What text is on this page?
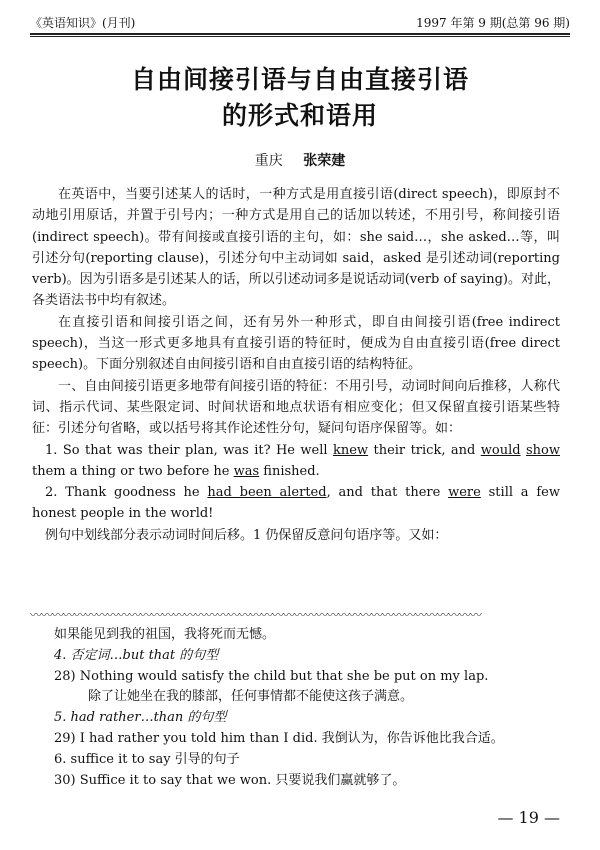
《英语知识》(月刊)	1997 年第 9 期(总第 96 期)
自由间接引语与自由直接引语
的形式和语用
重庆 张荣建

在英语中，当要引述某人的话时，一种方式是用直接引语(direct speech)，即原封不动地引用原话，并置于引号内；一种方式是用自己的话加以转述，不用引号，称间接引语(indirect speech)。带有间接或直接引语的主句，如：she said…，she asked…等，叫引述分句(reporting clause)，引述分句中主动词如 said，asked 是引述动词(reporting verb)。因为引语多是引述某人的话，所以引述动词多是说话动词(verb of saying)。对此，各类语法书中均有叙述。

在直接引语和间接引语之间，还有另外一种形式，即自由间接引语(free indirect speech)，当这一形式更多地具有直接引语的特征时，便成为自由直接引语(free direct speech)。下面分别叙述自由间接引语和自由直接引语的结构特征。

一、自由间接引语更多地带有间接引语的特征：不用引号，动词时间向后推移，人称代词、指示代词、某些限定词、时间状语和地点状语有相应变化；但又保留直接引语某些特征：引述分句省略，或以括号将其作论述性分句，疑问句语序保留等。如：

1. So that was their plan, was it? He well knew their trick, and would show them a thing or two before he was finished.

2. Thank goodness he had been alerted, and that there were still a few honest people in the world!

例句中划线部分表示动词时间后移。1 仍保留反意问句语序等。又如：

〰〰〰〰〰〰〰〰〰〰〰〰〰〰〰〰〰〰〰〰〰〰〰〰〰〰〰〰〰〰〰〰〰〰〰〰〰〰〰〰〰

如果能见到我的祖国，我将死而无憾。

4. 否定词…but that 的句型

28) Nothing would satisfy the child but that she be put on my lap.

除了让她坐在我的膝部，任何事情都不能使这孩子满意。

5. had rather…than 的句型

29) I had rather you told him than I did. 我倒认为，你告诉他比我合适。

6. suffice it to say 引导的句子

30) Suffice it to say that we won. 只要说我们赢就够了。

— 19 —
